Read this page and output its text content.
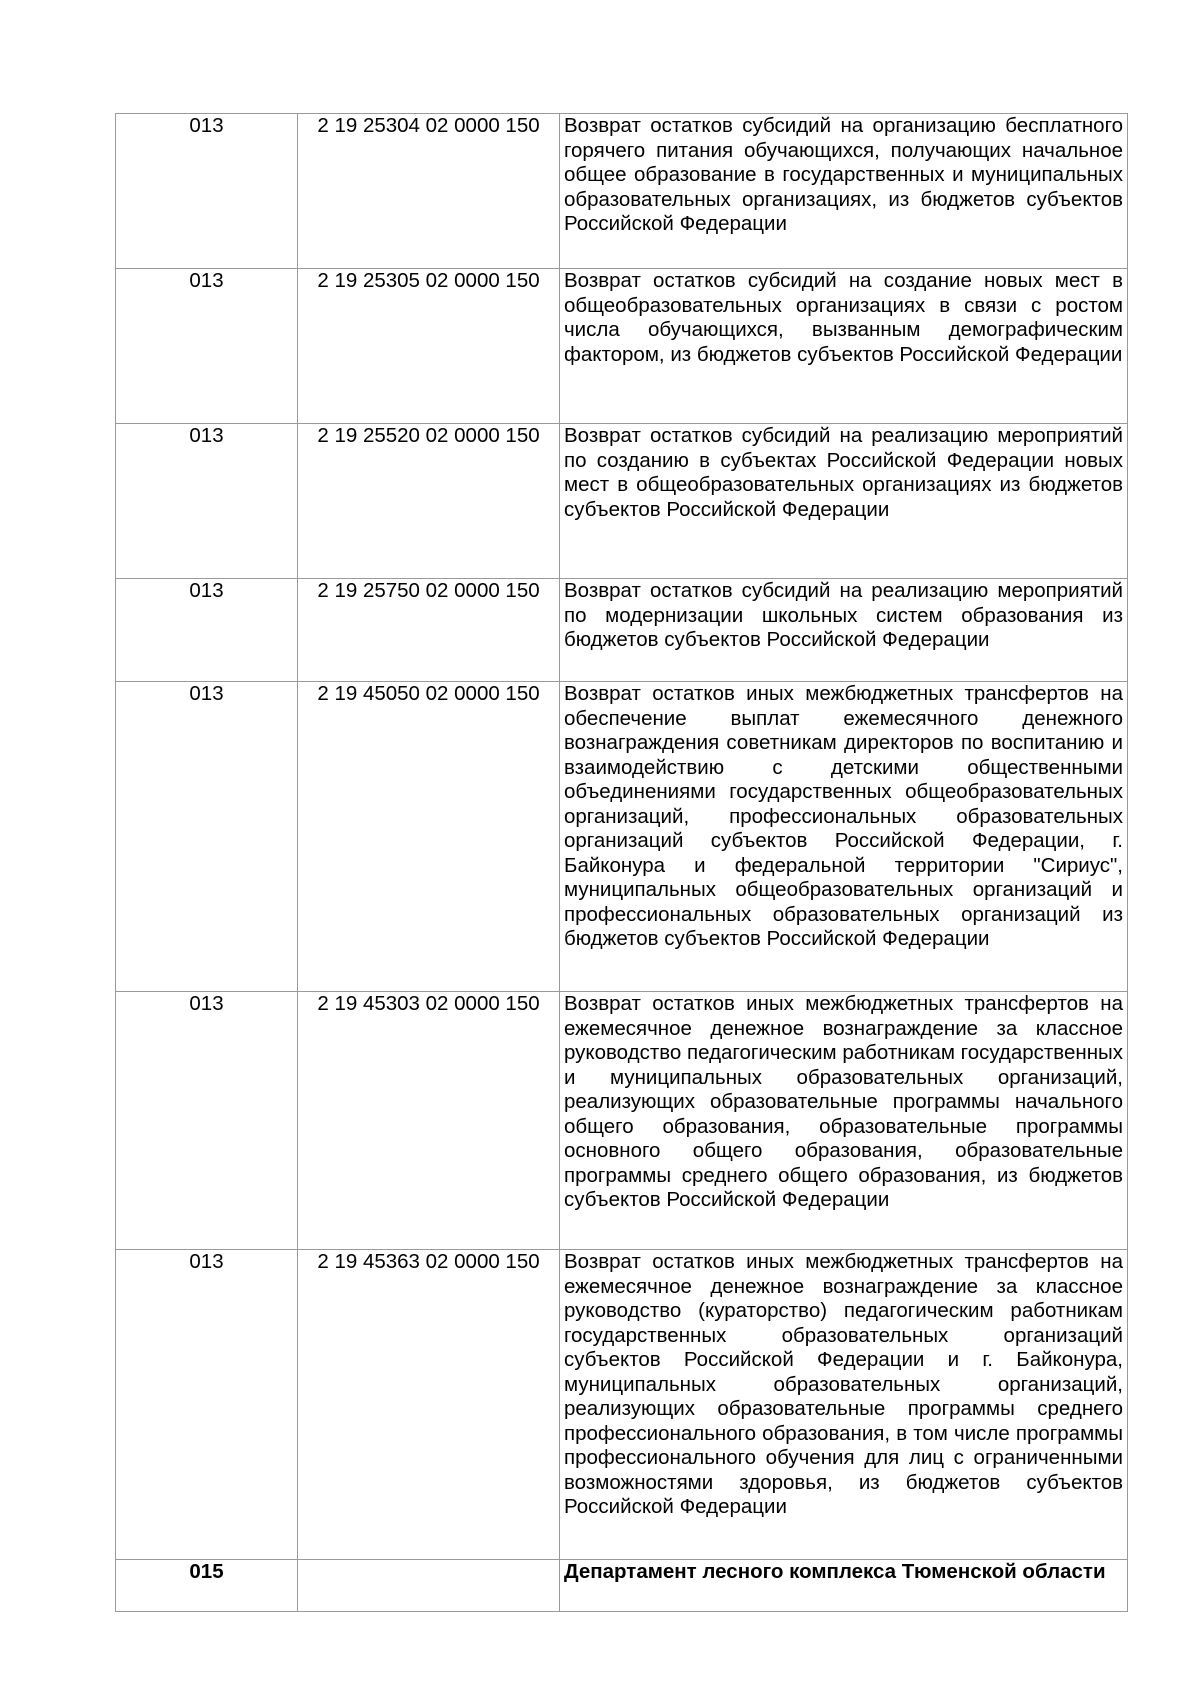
013	2 19 25304 02 0000 150	Возврат остатков субсидий на организацию бесплатного горячего питания обучающихся, получающих начальное общее образование в государственных и муниципальных образовательных организациях, из бюджетов субъектов Российской Федерации
013	2 19 25305 02 0000 150	Возврат остатков субсидий на создание новых мест в общеобразовательных организациях в связи с ростом числа обучающихся, вызванным демографическим фактором, из бюджетов субъектов Российской Федерации
013	2 19 25520 02 0000 150	Возврат остатков субсидий на реализацию мероприятий по созданию в субъектах Российской Федерации новых мест в общеобразовательных организациях из бюджетов субъектов Российской Федерации
013	2 19 25750 02 0000 150	Возврат остатков субсидий на реализацию мероприятий по модернизации школьных систем образования из бюджетов субъектов Российской Федерации
013	2 19 45050 02 0000 150	Возврат остатков иных межбюджетных трансфертов на обеспечение выплат ежемесячного денежного вознаграждения советникам директоров по воспитанию и взаимодействию с детскими общественными объединениями государственных общеобразовательных организаций, профессиональных образовательных организаций субъектов Российской Федерации, г. Байконура и федеральной территории "Сириус", муниципальных общеобразовательных организаций и профессиональных образовательных организаций из бюджетов субъектов Российской Федерации
013	2 19 45303 02 0000 150	Возврат остатков иных межбюджетных трансфертов на ежемесячное денежное вознаграждение за классное руководство педагогическим работникам государственных и муниципальных образовательных организаций, реализующих образовательные программы начального общего образования, образовательные программы основного общего образования, образовательные программы среднего общего образования, из бюджетов субъектов Российской Федерации
013	2 19 45363 02 0000 150	Возврат остатков иных межбюджетных трансфертов на ежемесячное денежное вознаграждение за классное руководство (кураторство) педагогическим работникам государственных образовательных организаций субъектов Российской Федерации и г. Байконура, муниципальных образовательных организаций, реализующих образовательные программы среднего профессионального образования, в том числе программы профессионального обучения для лиц с ограниченными возможностями здоровья, из бюджетов субъектов Российской Федерации
015		Департамент лесного комплекса Тюменской области
